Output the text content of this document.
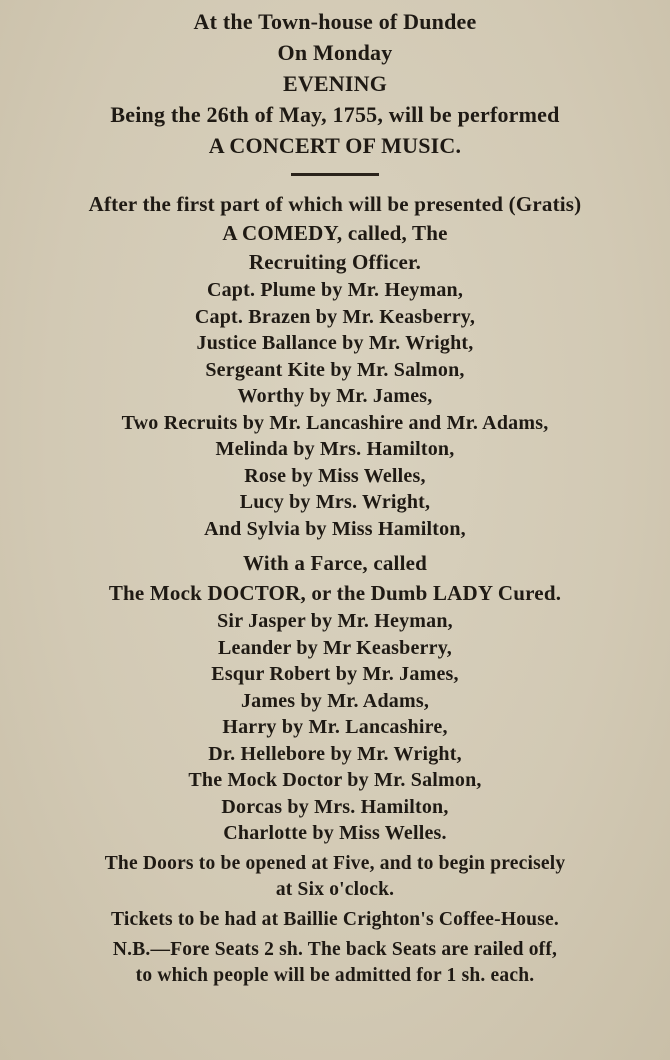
At the Town-house of Dundee
On Monday
EVENING
Being the 26th of May, 1755, will be performed
A CONCERT OF MUSIC.
After the first part of which will be presented (Gratis)
A COMEDY, called, The
Recruiting Officer.
Capt. Plume by Mr. Heyman,
Capt. Brazen by Mr. Keasberry,
Justice Ballance by Mr. Wright,
Sergeant Kite by Mr. Salmon,
Worthy by Mr. James,
Two Recruits by Mr. Lancashire and Mr. Adams,
Melinda by Mrs. Hamilton,
Rose by Miss Welles,
Lucy by Mrs. Wright,
And Sylvia by Miss Hamilton,
With a Farce, called
The Mock DOCTOR, or the Dumb LADY Cured.
Sir Jasper by Mr. Heyman,
Leander by Mr Keasberry,
Esqur Robert by Mr. James,
James by Mr. Adams,
Harry by Mr. Lancashire,
Dr. Hellebore by Mr. Wright,
The Mock Doctor by Mr. Salmon,
Dorcas by Mrs. Hamilton,
Charlotte by Miss Welles.
The Doors to be opened at Five, and to begin precisely
at Six o'clock.
Tickets to be had at Baillie Crighton's Coffee-House.
N.B.—Fore Seats 2 sh. The back Seats are railed off,
to which people will be admitted for 1 sh. each.
